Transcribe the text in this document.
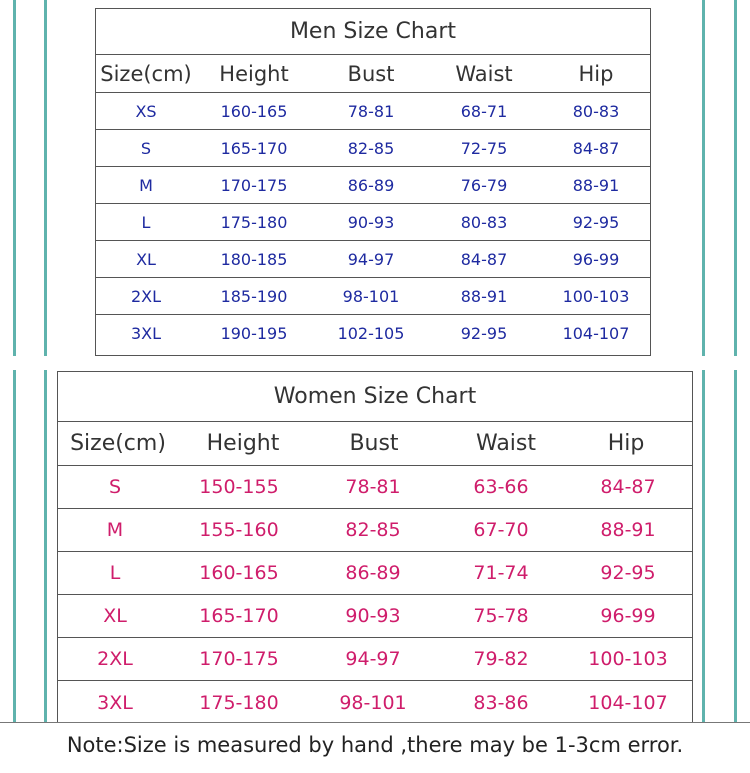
Men Size Chart
Size(cm)	Height	Bust	Waist	Hip
XS	160-165	78-81	68-71	80-83
S	165-170	82-85	72-75	84-87
M	170-175	86-89	76-79	88-91
L	175-180	90-93	80-83	92-95
XL	180-185	94-97	84-87	96-99
2XL	185-190	98-101	88-91	100-103
3XL	190-195	102-105	92-95	104-107
Women Size Chart
Size(cm)	Height	Bust	Waist	Hip
S	150-155	78-81	63-66	84-87
M	155-160	82-85	67-70	88-91
L	160-165	86-89	71-74	92-95
XL	165-170	90-93	75-78	96-99
2XL	170-175	94-97	79-82	100-103
3XL	175-180	98-101	83-86	104-107
Note:Size is measured by hand ,there may be 1-3cm error.
